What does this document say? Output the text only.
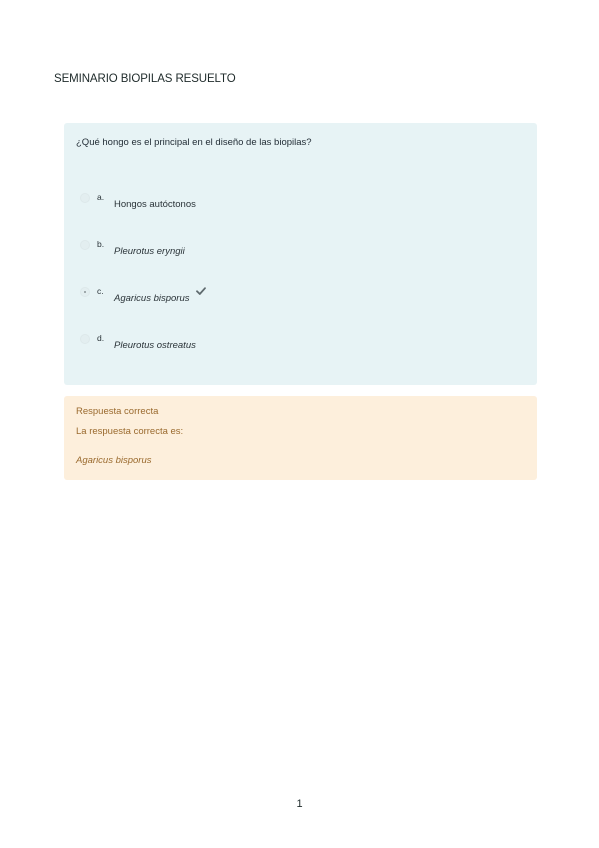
SEMINARIO BIOPILAS RESUELTO
¿Qué hongo es el principal en el diseño de las biopilas?
a.
Hongos autóctonos
b.
Pleurotus eryngii
c.
Agaricus bisporus
d.
Pleurotus ostreatus
Respuesta correcta
La respuesta correcta es:
Agaricus bisporus
1
